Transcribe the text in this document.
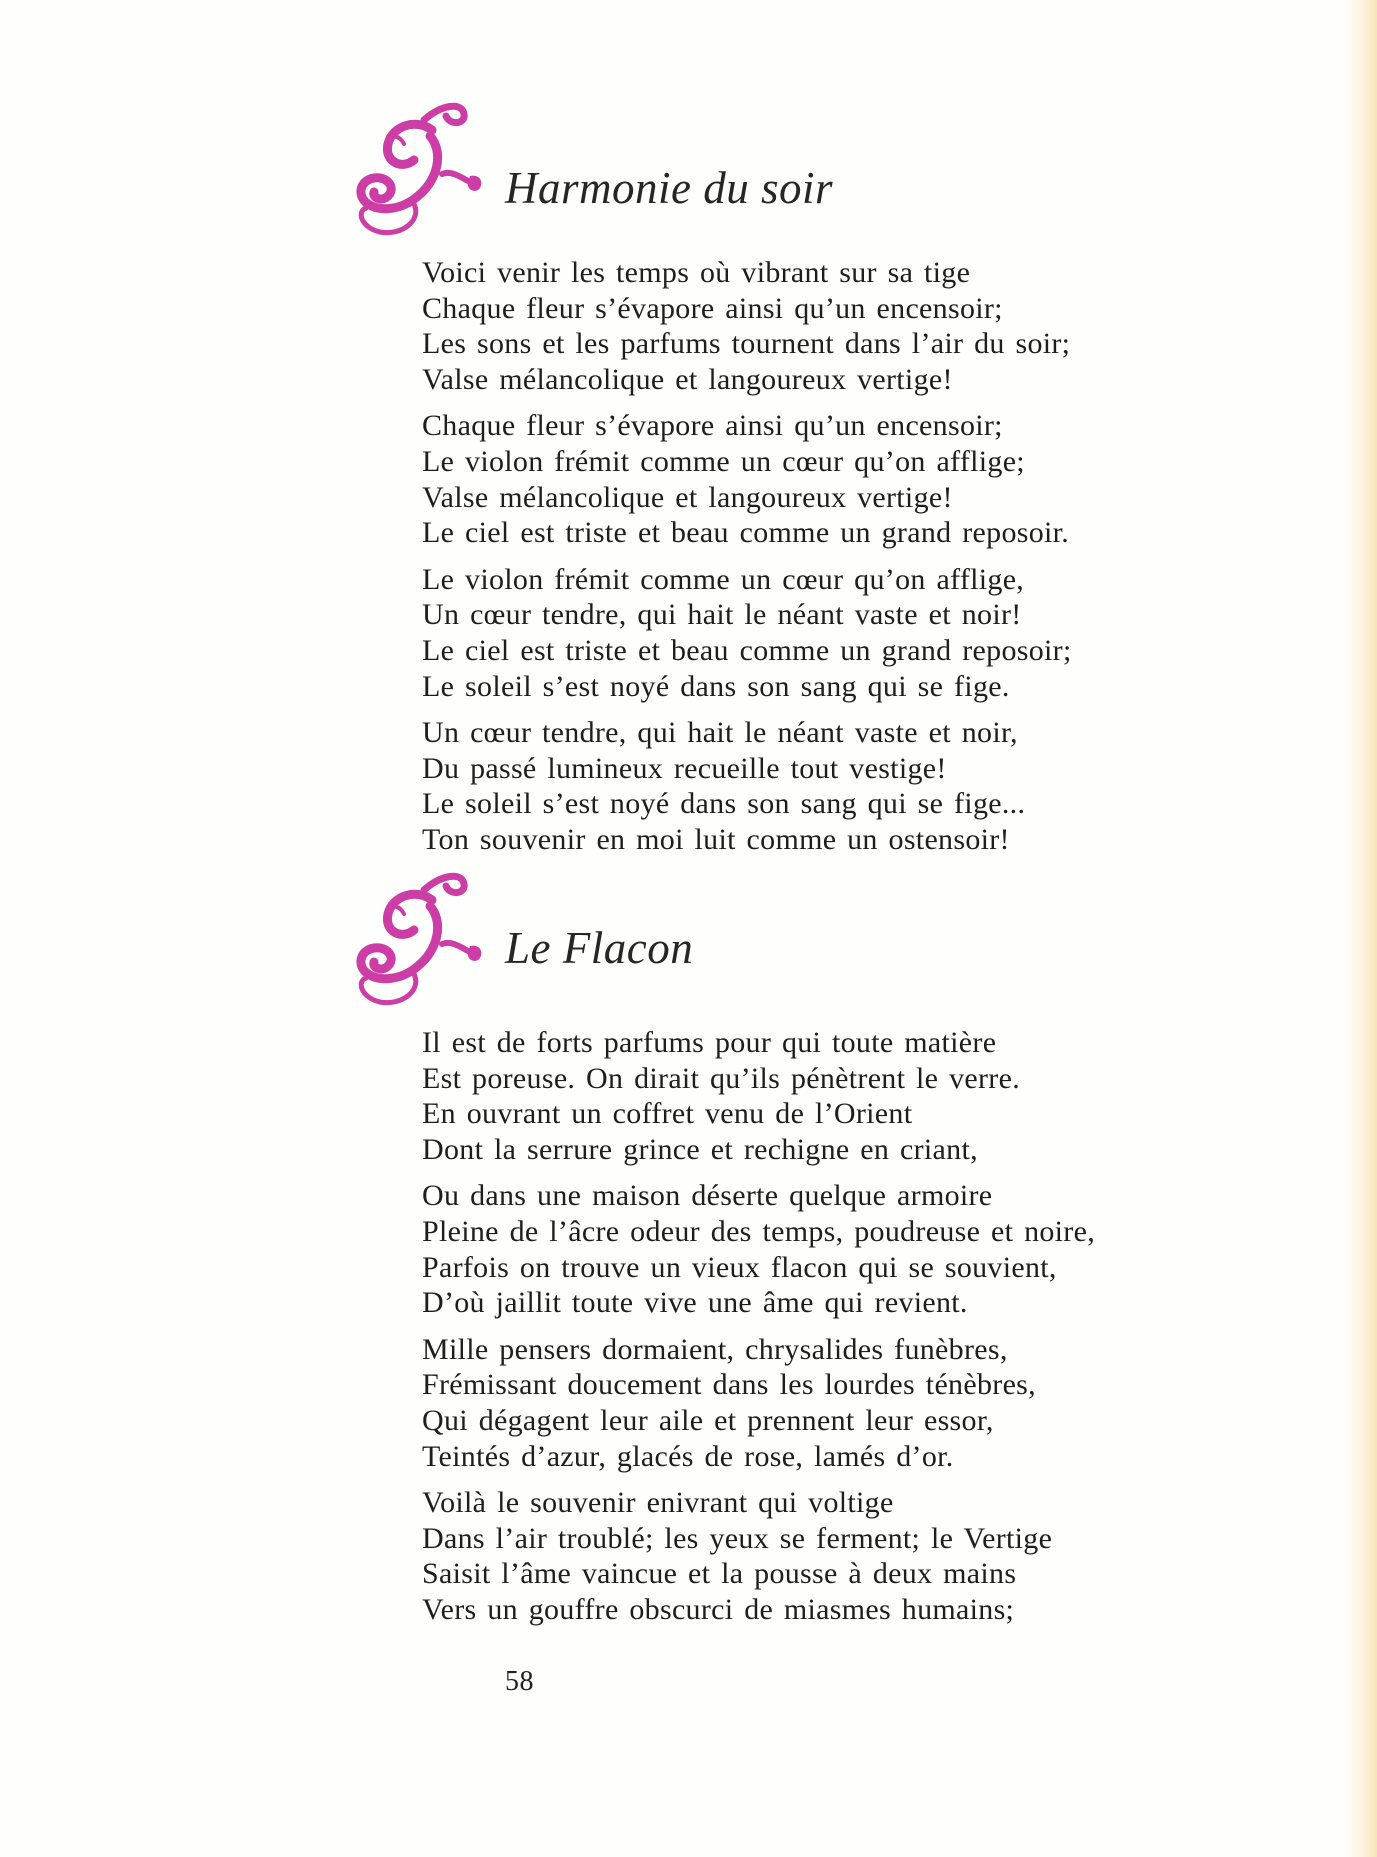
Harmonie du soir
Voici venir les temps où vibrant sur sa tige
Chaque fleur s’évapore ainsi qu’un encensoir;
Les sons et les parfums tournent dans l’air du soir;
Valse mélancolique et langoureux vertige!
Chaque fleur s’évapore ainsi qu’un encensoir;
Le violon frémit comme un cœur qu’on afflige;
Valse mélancolique et langoureux vertige!
Le ciel est triste et beau comme un grand reposoir.
Le violon frémit comme un cœur qu’on afflige,
Un cœur tendre, qui hait le néant vaste et noir!
Le ciel est triste et beau comme un grand reposoir;
Le soleil s’est noyé dans son sang qui se fige.
Un cœur tendre, qui hait le néant vaste et noir,
Du passé lumineux recueille tout vestige!
Le soleil s’est noyé dans son sang qui se fige...
Ton souvenir en moi luit comme un ostensoir!
Le Flacon
Il est de forts parfums pour qui toute matière
Est poreuse. On dirait qu’ils pénètrent le verre.
En ouvrant un coffret venu de l’Orient
Dont la serrure grince et rechigne en criant,
Ou dans une maison déserte quelque armoire
Pleine de l’âcre odeur des temps, poudreuse et noire,
Parfois on trouve un vieux flacon qui se souvient,
D’où jaillit toute vive une âme qui revient.
Mille pensers dormaient, chrysalides funèbres,
Frémissant doucement dans les lourdes ténèbres,
Qui dégagent leur aile et prennent leur essor,
Teintés d’azur, glacés de rose, lamés d’or.
Voilà le souvenir enivrant qui voltige
Dans l’air troublé; les yeux se ferment; le Vertige
Saisit l’âme vaincue et la pousse à deux mains
Vers un gouffre obscurci de miasmes humains;
58
